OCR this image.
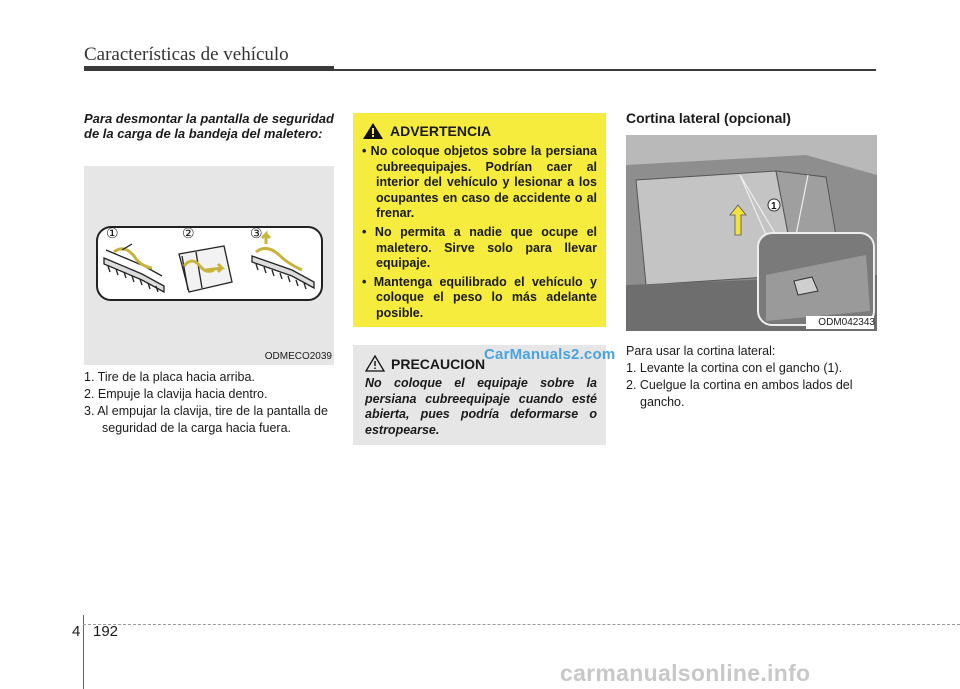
Características de vehículo
Para desmontar la pantalla de seguridad de la carga de la bandeja del maletero:
①	②	③
ODMECO2039
1. Tire de la placa hacia arriba.
2. Empuje la clavija hacia dentro.
3. Al empujar la clavija, tire de la pantalla de seguridad de la carga hacia fuera.
ADVERTENCIA
• No coloque objetos sobre la persiana cubreequipajes. Podrían caer al interior del vehículo y lesionar a los ocupantes en caso de accidente o al frenar.
• No permita a nadie que ocupe el maletero. Sirve solo para llevar equipaje.
• Mantenga equilibrado el vehículo y coloque el peso lo más adelante posible.
PRECAUCION
No coloque el equipaje sobre la persiana cubreequipaje cuando esté abierta, pues podría deformarse o estropearse.
Cortina lateral (opcional)
1
ODM042343
Para usar la cortina lateral:
1. Levante la cortina con el gancho (1).
2. Cuelgue la cortina en ambos lados del gancho.
CarManuals2.com
4 192
carmanualsonline.info
